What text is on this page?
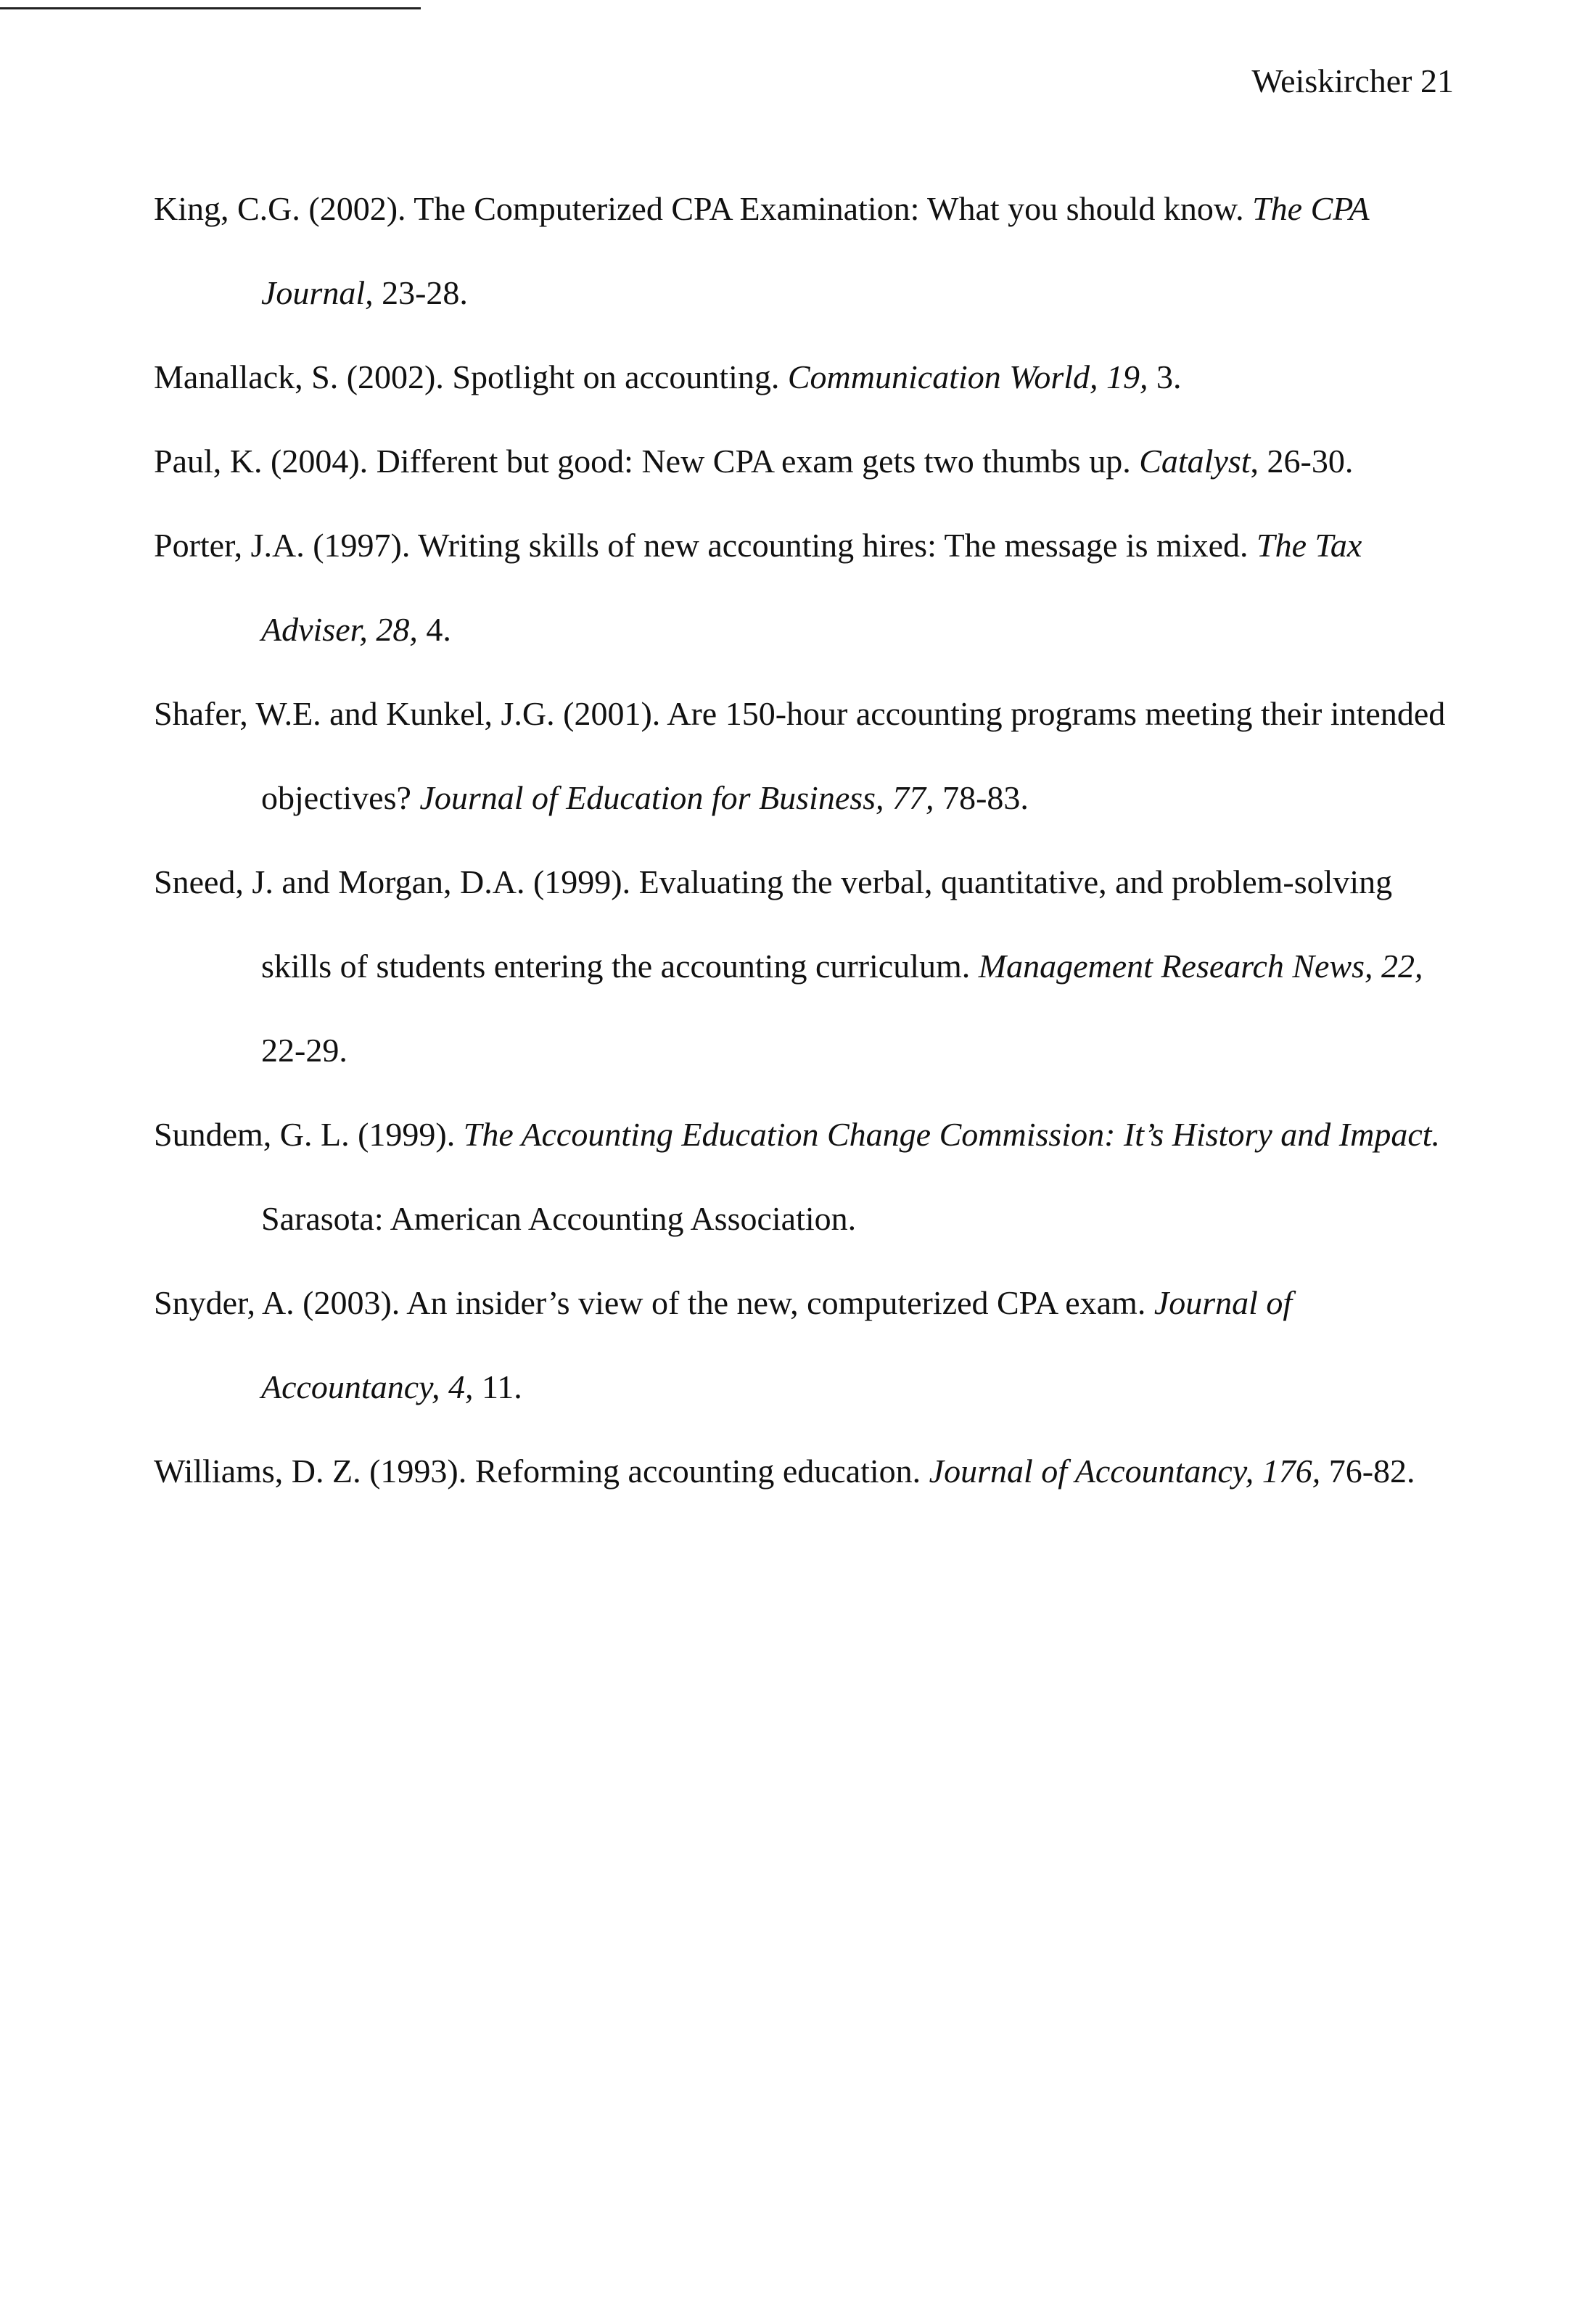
Weiskircher 21
King, C.G. (2002). The Computerized CPA Examination: What you should know. The CPA Journal, 23-28.
Manallack, S. (2002). Spotlight on accounting. Communication World, 19, 3.
Paul, K. (2004). Different but good: New CPA exam gets two thumbs up. Catalyst, 26-30.
Porter, J.A. (1997). Writing skills of new accounting hires: The message is mixed. The Tax Adviser, 28, 4.
Shafer, W.E. and Kunkel, J.G. (2001). Are 150-hour accounting programs meeting their intended objectives? Journal of Education for Business, 77, 78-83.
Sneed, J. and Morgan, D.A. (1999). Evaluating the verbal, quantitative, and problem-solving skills of students entering the accounting curriculum. Management Research News, 22, 22-29.
Sundem, G. L. (1999). The Accounting Education Change Commission: It’s History and Impact. Sarasota: American Accounting Association.
Snyder, A. (2003). An insider’s view of the new, computerized CPA exam. Journal of Accountancy, 4, 11.
Williams, D. Z. (1993). Reforming accounting education. Journal of Accountancy, 176, 76-82.
